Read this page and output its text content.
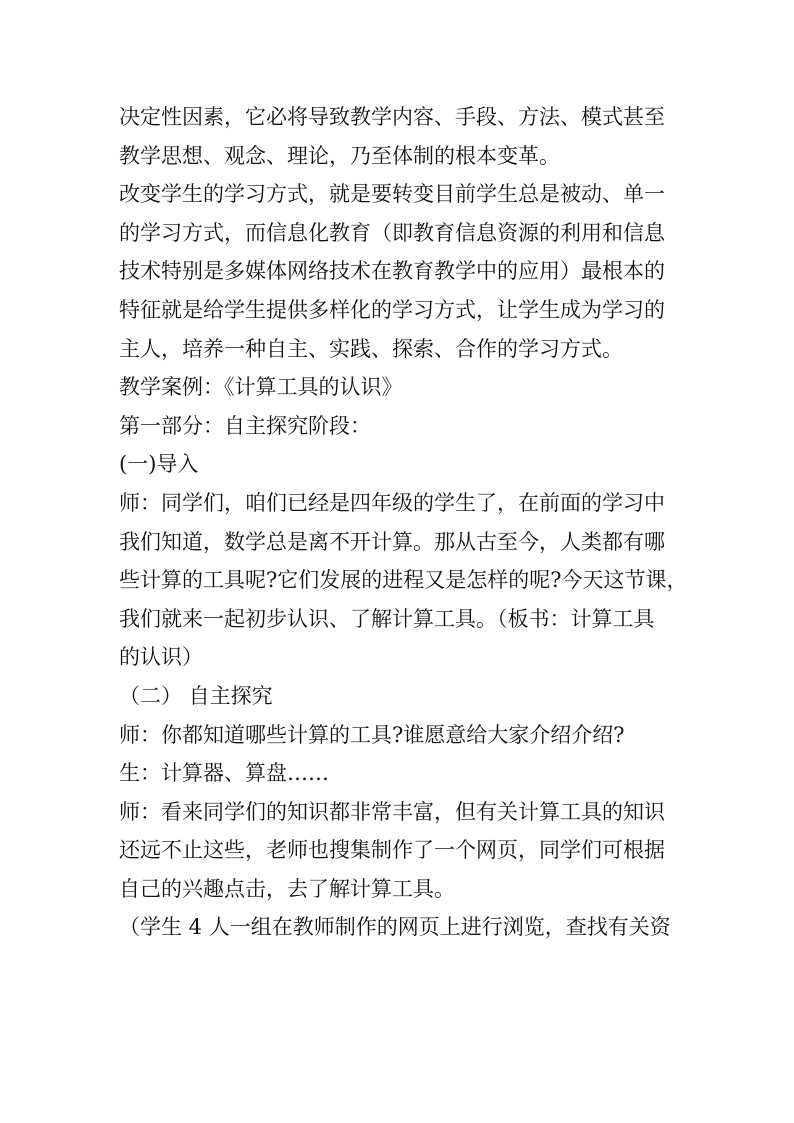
决定性因素，它必将导致教学内容、手段、方法、模式甚至
教学思想、观念、理论，乃至体制的根本变革。
改变学生的学习方式，就是要转变目前学生总是被动、单一
的学习方式，而信息化教育（即教育信息资源的利用和信息
技术特别是多媒体网络技术在教育教学中的应用）最根本的
特征就是给学生提供多样化的学习方式，让学生成为学习的
主人，培养一种自主、实践、探索、合作的学习方式。
教学案例：《计算工具的认识》
第一部分：自主探究阶段：
(一)导入
师：同学们，咱们已经是四年级的学生了，在前面的学习中
我们知道，数学总是离不开计算。那从古至今，人类都有哪
些计算的工具呢?它们发展的进程又是怎样的呢?今天这节课，
我们就来一起初步认识、了解计算工具。（板书：计算工具
的认识）
（二） 自主探究
师：你都知道哪些计算的工具?谁愿意给大家介绍介绍?
生：计算器、算盘……
师：看来同学们的知识都非常丰富，但有关计算工具的知识
还远不止这些，老师也搜集制作了一个网页，同学们可根据
自己的兴趣点击，去了解计算工具。
（学生 4 人一组在教师制作的网页上进行浏览，查找有关资
